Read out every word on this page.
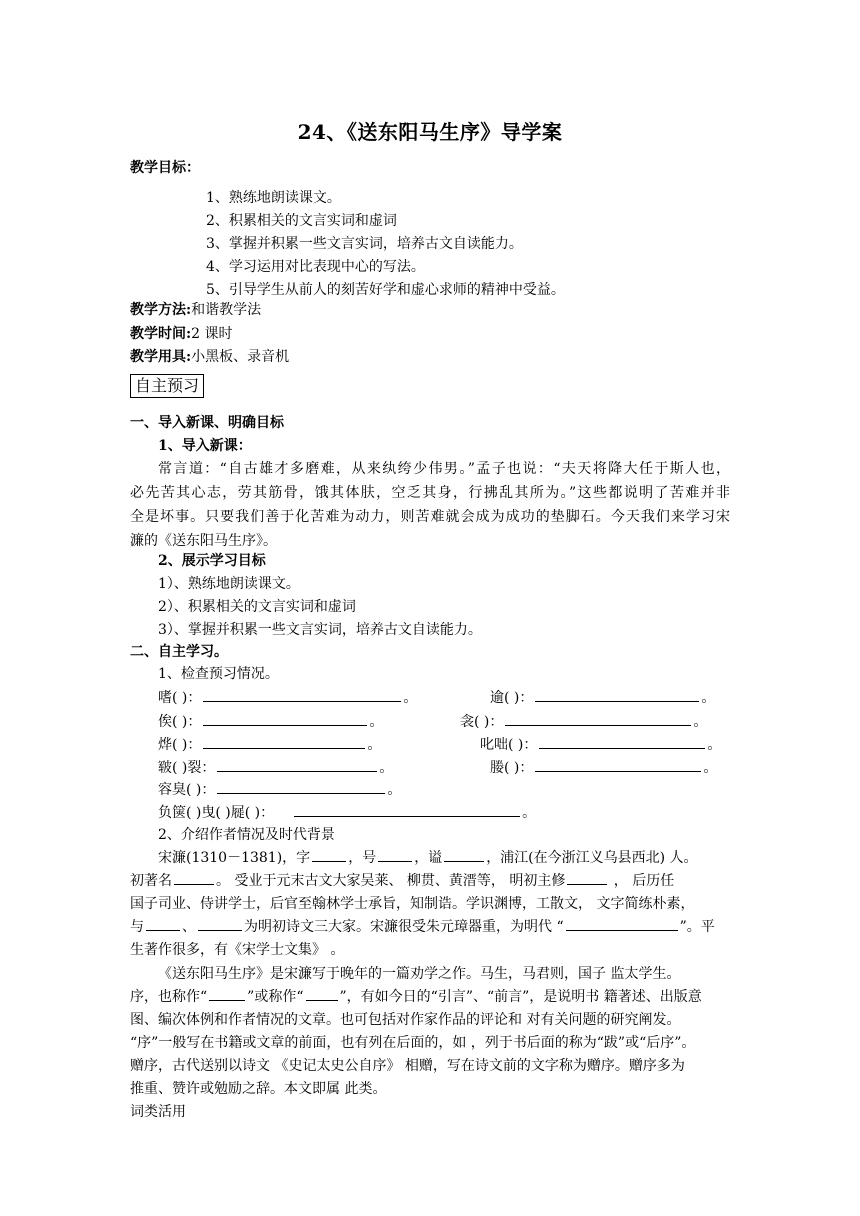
24、《送东阳马生序》导学案
教学目标：
1、熟练地朗读课文。
2、积累相关的文言实词和虚词
3、掌握并积累一些文言实词，培养古文自读能力。
4、学习运用对比表现中心的写法。
5、引导学生从前人的刻苦好学和虚心求师的精神中受益。
教学方法:和谐教学法
教学时间:2 课时
教学用具:小黑板、录音机
自主预习
一、导入新课、明确目标
1、导入新课：
常言道：“自古雄才多磨难，从来纨绔少伟男。”孟子也说：“夫天将降大任于斯人也，
必先苦其心志，劳其筋骨，饿其体肤，空乏其身，行拂乱其所为。”这些都说明了苦难并非
全是坏事。只要我们善于化苦难为动力，则苦难就会成为成功的垫脚石。今天我们来学习宋
濂的《送东阳马生序》。
2、展示学习目标
1）、熟练地朗读课文。
2）、积累相关的文言实词和虚词
3）、掌握并积累一些文言实词，培养古文自读能力。
二、自主学习。
1、检查预习情况。
嗜( )：	。	逾( )：	。
俟( )：	。	衾( )：	。
烨( )：	。	叱咄( )：	。
皲( )裂：	。	媵( )：	。
容臭( )：	。
负箧( )曳( )屣( )：	。
2、介绍作者情况及时代背景
宋濂(1310－1381)，字	，号	，谥	，浦江(在今浙江义乌县西北) 人。
初著名	。 受业于元末古文大家吴莱、 柳贯、黄溍等， 明初主修	， 后历任
国子司业、侍讲学士，后官至翰林学士承旨，知制诰。学识渊博，工散文， 文字简练朴素，
与	、	为明初诗文三大家。宋濂很受朱元璋器重，为明代 “	”。平
生著作很多，有《宋学士文集》 。
《送东阳马生序》是宋濂写于晚年的一篇劝学之作。马生，马君则，国子 监太学生。
序，也称作“	”或称作“	”，有如今日的“引言”、“前言”，是说明书 籍著述、出版意
图、编次体例和作者情况的文章。也可包括对作家作品的评论和 对有关问题的研究阐发。
“序”一般写在书籍或文章的前面，也有列在后面的，如 ，列于书后面的称为“跋”或“后序”。
赠序，古代送别以诗文 《史记太史公自序》 相赠，写在诗文前的文字称为赠序。赠序多为
推重、赞许或勉励之辞。本文即属 此类。
词类活用
